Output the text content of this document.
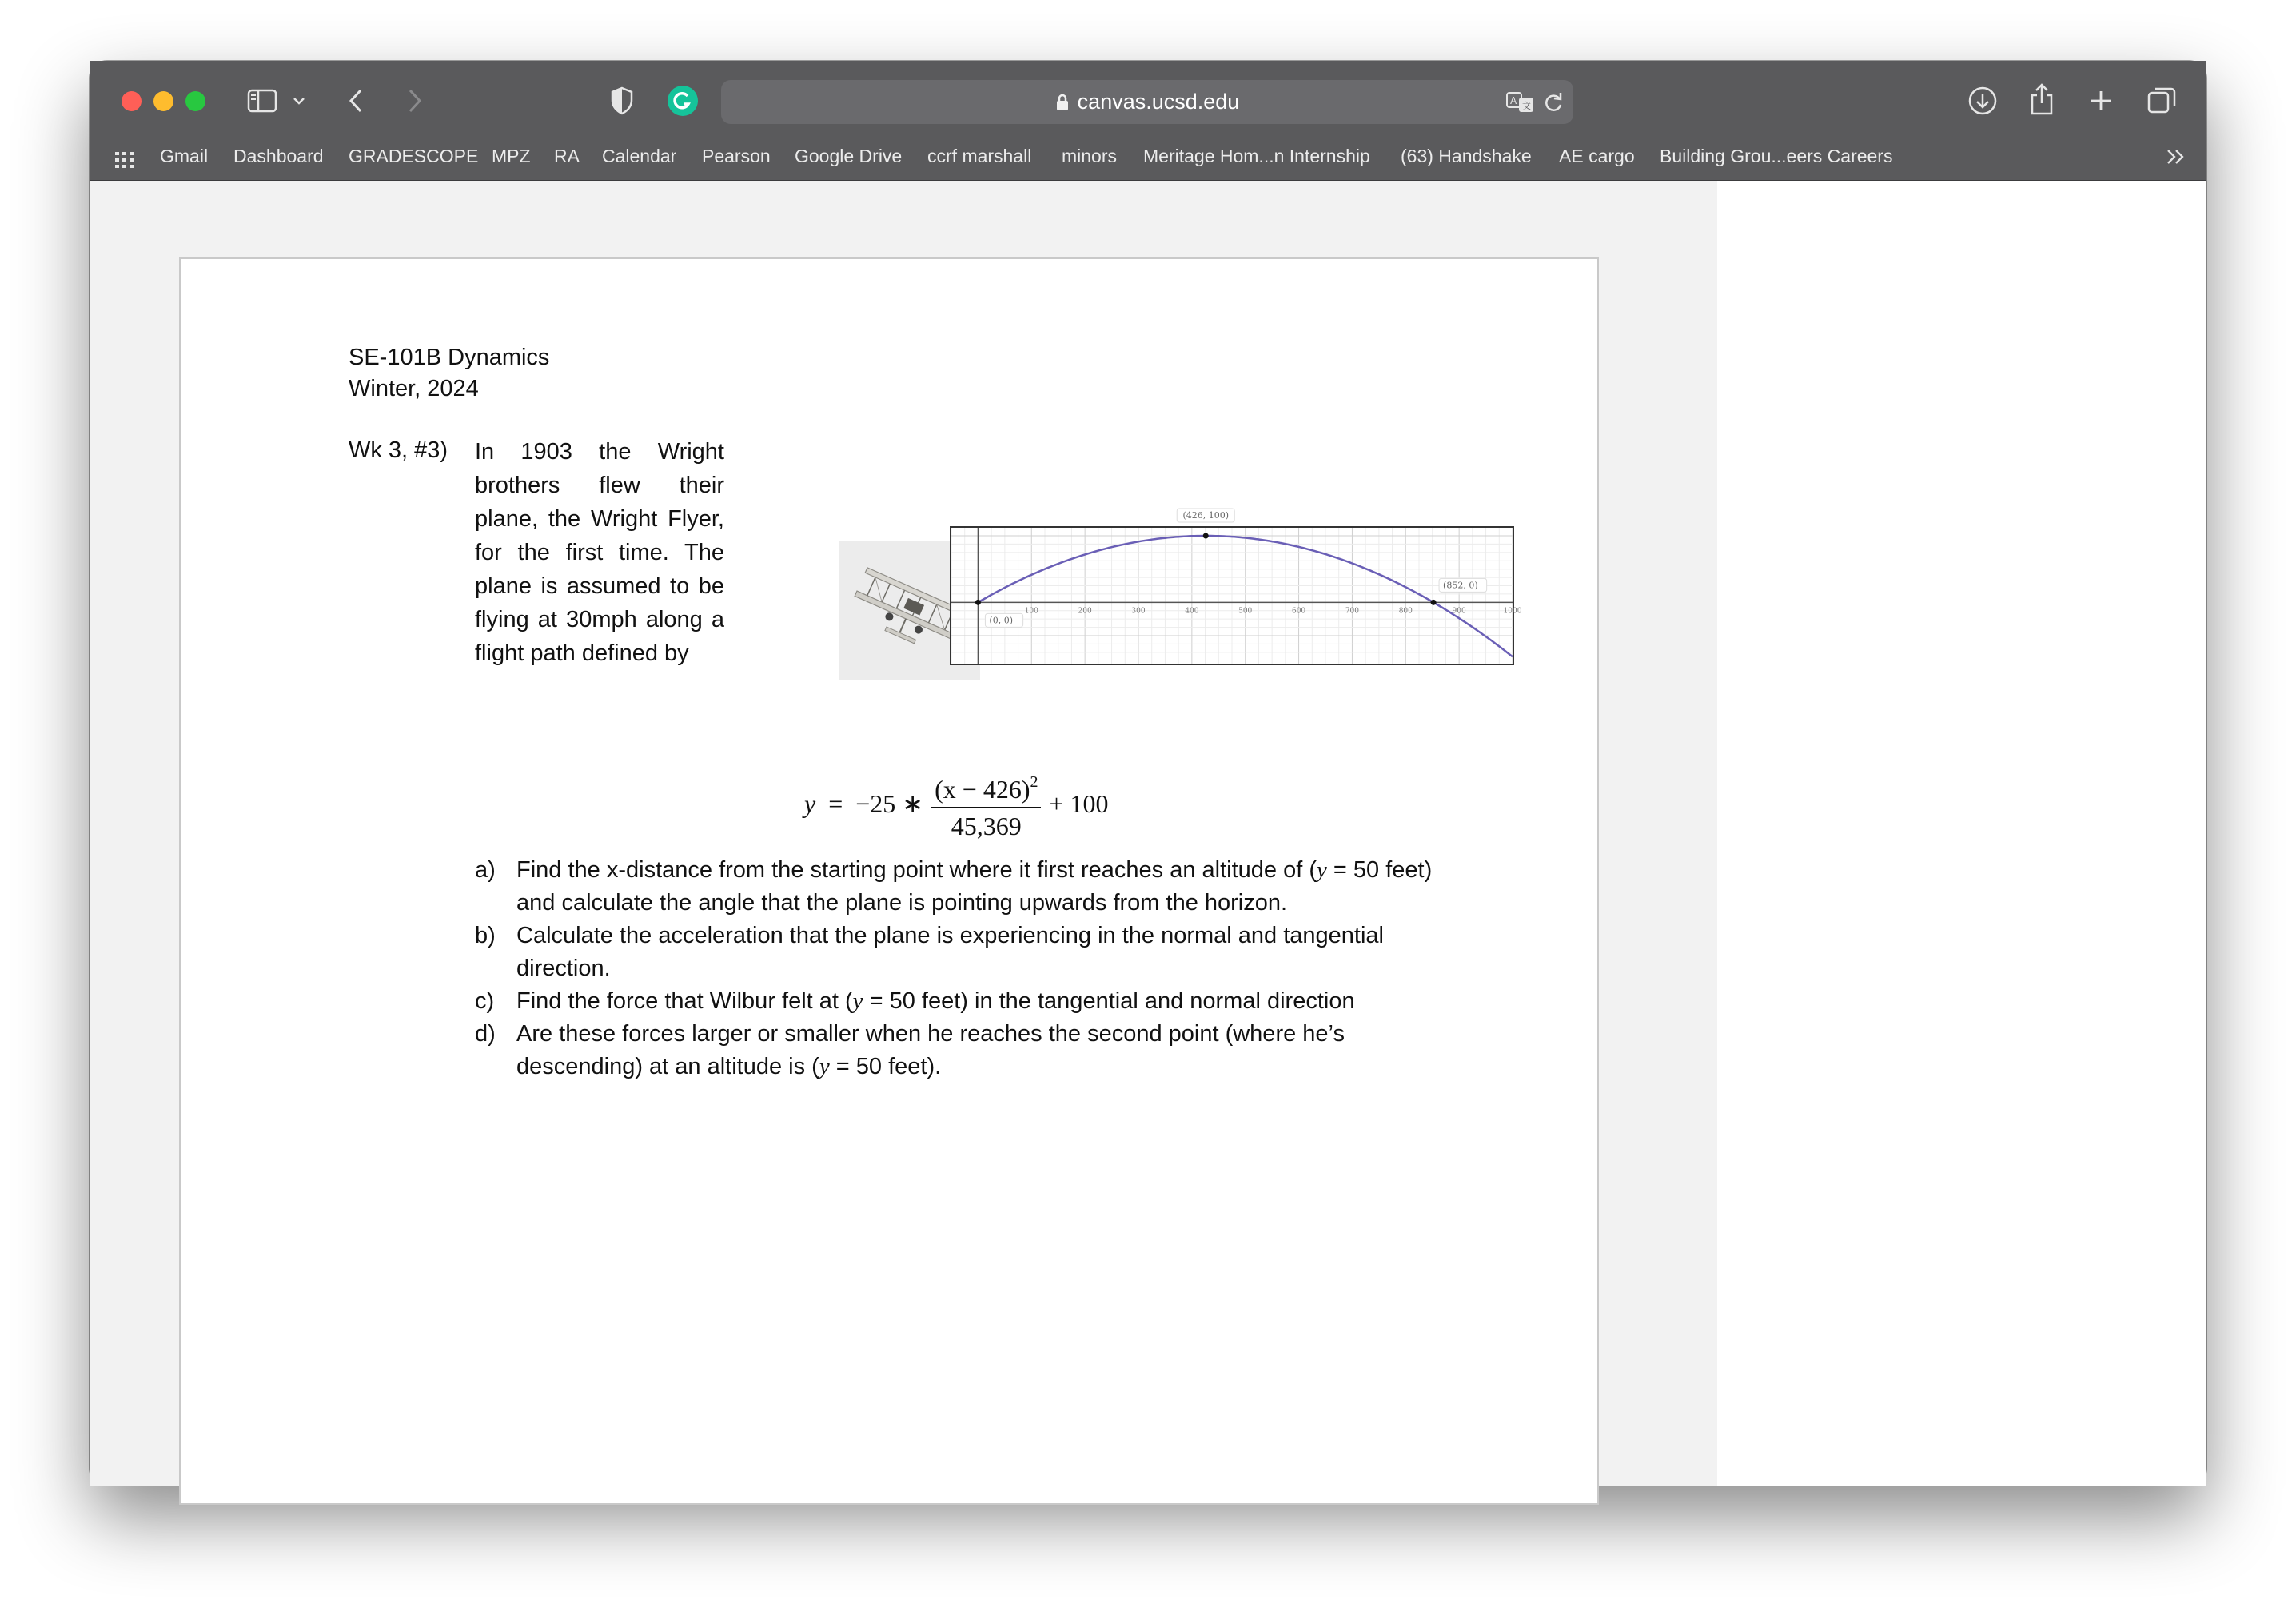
canvas.ucsd.edu	A 文
Gmail Dashboard GRADESCOPE MPZ RA Calendar Pearson Google Drive ccrf marshall minors Meritage Hom...n Internship (63) Handshake AE cargo Building Grou...eers Careers
SE-101B Dynamics
Winter, 2024
Wk 3, #3) In 1903 the Wright brothers flew their plane, the Wright Flyer, for the first time. The plane is assumed to be flying at 30mph along a flight path defined by
100	200	300	400	500	600	700	800	900	1000
(0, 0)
(426, 100)
(852, 0)
y = −25 ∗ $\frac{(x - 426)^2}{45,369} + 100$
a) Find the x-distance from the starting point where it first reaches an altitude of (y = 50 feet) and calculate the angle that the plane is pointing upwards from the horizon.
b) Calculate the acceleration that the plane is experiencing in the normal and tangential direction.
c) Find the force that Wilbur felt at (y = 50 feet) in the tangential and normal direction
d) Are these forces larger or smaller when he reaches the second point (where he’s descending) at an altitude is (y = 50 feet).
